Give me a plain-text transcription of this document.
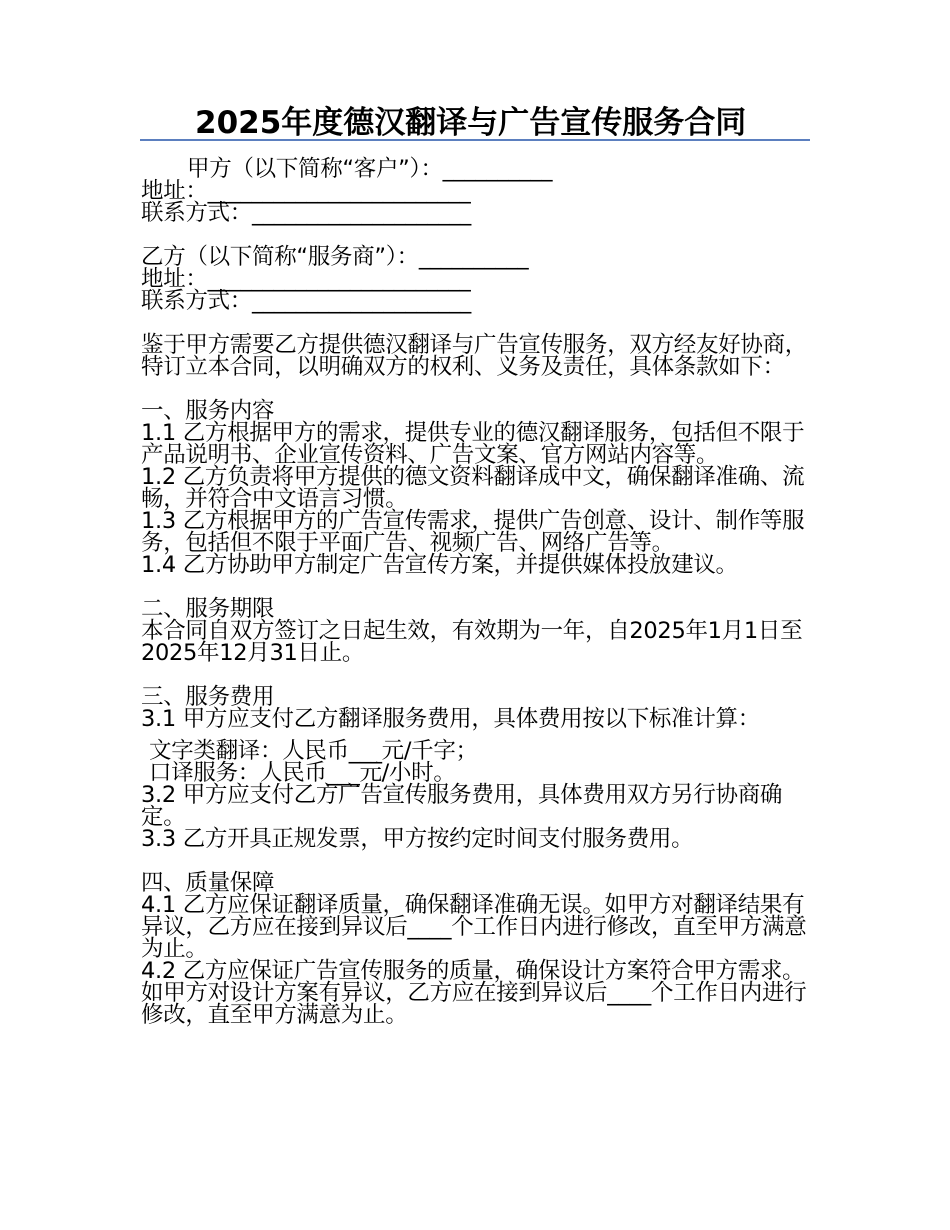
2025年度德汉翻译与广告宣传服务合同

甲方（以下简称“客户”）：__________

地址：________________________

联系方式：____________________

乙方（以下简称“服务商”）：__________

地址：________________________

联系方式：____________________

鉴于甲方需要乙方提供德汉翻译与广告宣传服务，双方经友好协商，特订立本合同，以明确双方的权利、义务及责任，具体条款如下：

一、服务内容

1.1 乙方根据甲方的需求，提供专业的德汉翻译服务，包括但不限于产品说明书、企业宣传资料、广告文案、官方网站内容等。

1.2 乙方负责将甲方提供的德文资料翻译成中文，确保翻译准确、流畅，并符合中文语言习惯。

1.3 乙方根据甲方的广告宣传需求，提供广告创意、设计、制作等服务，包括但不限于平面广告、视频广告、网络广告等。

1.4 乙方协助甲方制定广告宣传方案，并提供媒体投放建议。

二、服务期限

本合同自双方签订之日起生效，有效期为一年，自2025年1月1日至2025年12月31日止。

三、服务费用

3.1 甲方应支付乙方翻译服务费用，具体费用按以下标准计算：

文字类翻译：人民币___元/千字；

口译服务：人民币___元/小时。

3.2 甲方应支付乙方广告宣传服务费用，具体费用双方另行协商确定。

3.3 乙方开具正规发票，甲方按约定时间支付服务费用。

四、质量保障

4.1 乙方应保证翻译质量，确保翻译准确无误。如甲方对翻译结果有异议，乙方应在接到异议后____个工作日内进行修改，直至甲方满意为止。

4.2 乙方应保证广告宣传服务的质量，确保设计方案符合甲方需求。如甲方对设计方案有异议，乙方应在接到异议后____个工作日内进行修改，直至甲方满意为止。
